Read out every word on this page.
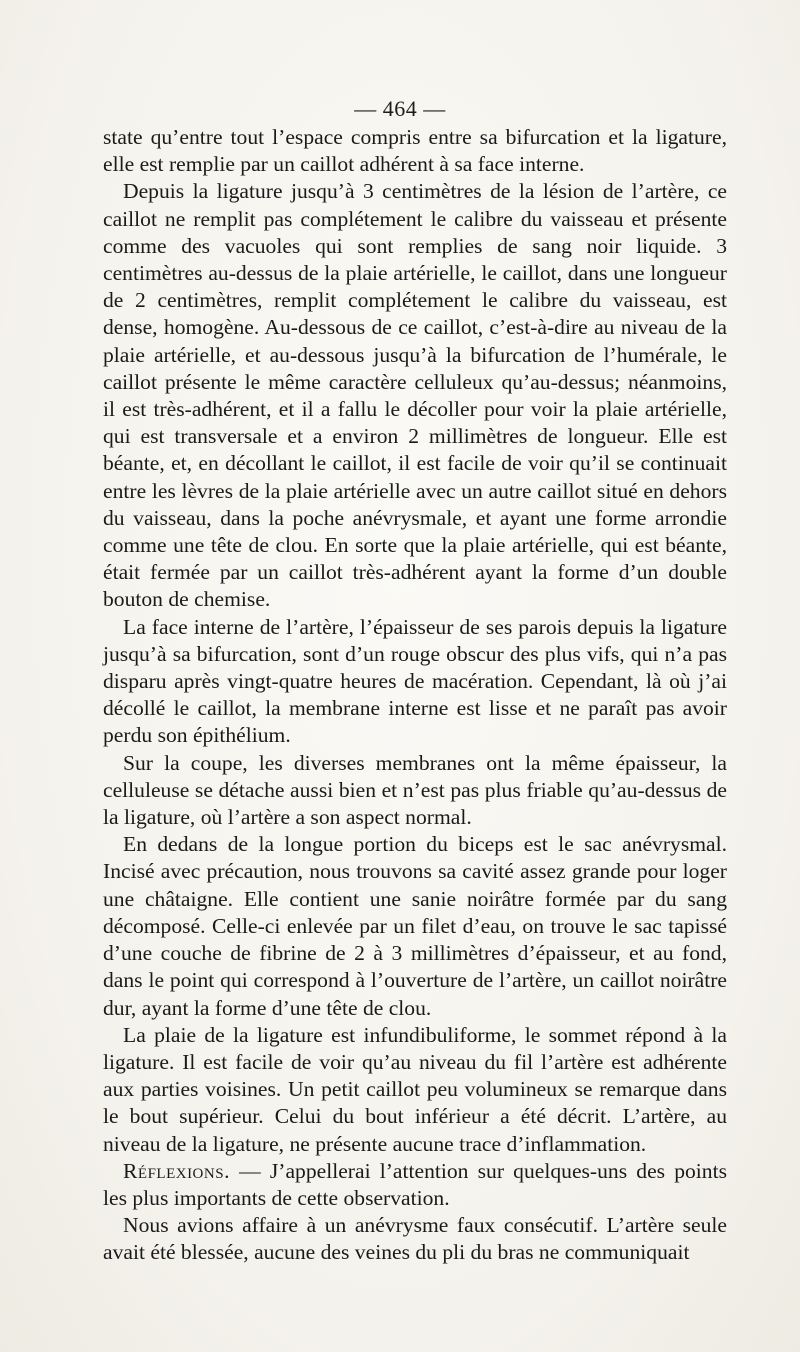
— 464 —

state qu’entre tout l’espace compris entre sa bifurcation et la ligature, elle est remplie par un caillot adhérent à sa face interne.

Depuis la ligature jusqu’à 3 centimètres de la lésion de l’artère, ce caillot ne remplit pas complétement le calibre du vaisseau et présente comme des vacuoles qui sont remplies de sang noir liquide. 3 centimètres au-dessus de la plaie artérielle, le caillot, dans une longueur de 2 centimètres, remplit complétement le calibre du vaisseau, est dense, homogène. Au-dessous de ce caillot, c’est-à-dire au niveau de la plaie artérielle, et au-dessous jusqu’à la bifurcation de l’humérale, le caillot présente le même caractère celluleux qu’au-dessus; néanmoins, il est très-adhérent, et il a fallu le décoller pour voir la plaie artérielle, qui est transversale et a environ 2 millimètres de longueur. Elle est béante, et, en décollant le caillot, il est facile de voir qu’il se continuait entre les lèvres de la plaie artérielle avec un autre caillot situé en dehors du vaisseau, dans la poche anévrysmale, et ayant une forme arrondie comme une tête de clou. En sorte que la plaie artérielle, qui est béante, était fermée par un caillot très-adhérent ayant la forme d’un double bouton de chemise.

La face interne de l’artère, l’épaisseur de ses parois depuis la ligature jusqu’à sa bifurcation, sont d’un rouge obscur des plus vifs, qui n’a pas disparu après vingt-quatre heures de macération. Cependant, là où j’ai décollé le caillot, la membrane interne est lisse et ne paraît pas avoir perdu son épithélium.

Sur la coupe, les diverses membranes ont la même épaisseur, la celluleuse se détache aussi bien et n’est pas plus friable qu’au-dessus de la ligature, où l’artère a son aspect normal.

En dedans de la longue portion du biceps est le sac anévrysmal. Incisé avec précaution, nous trouvons sa cavité assez grande pour loger une châtaigne. Elle contient une sanie noirâtre formée par du sang décomposé. Celle-ci enlevée par un filet d’eau, on trouve le sac tapissé d’une couche de fibrine de 2 à 3 millimètres d’épaisseur, et au fond, dans le point qui correspond à l’ouverture de l’artère, un caillot noirâtre dur, ayant la forme d’une tête de clou.

La plaie de la ligature est infundibuliforme, le sommet répond à la ligature. Il est facile de voir qu’au niveau du fil l’artère est adhérente aux parties voisines. Un petit caillot peu volumineux se remarque dans le bout supérieur. Celui du bout inférieur a été décrit. L’artère, au niveau de la ligature, ne présente aucune trace d’inflammation.

Réflexions. — J’appellerai l’attention sur quelques-uns des points les plus importants de cette observation.

Nous avions affaire à un anévrysme faux consécutif. L’artère seule avait été blessée, aucune des veines du pli du bras ne communiquait
